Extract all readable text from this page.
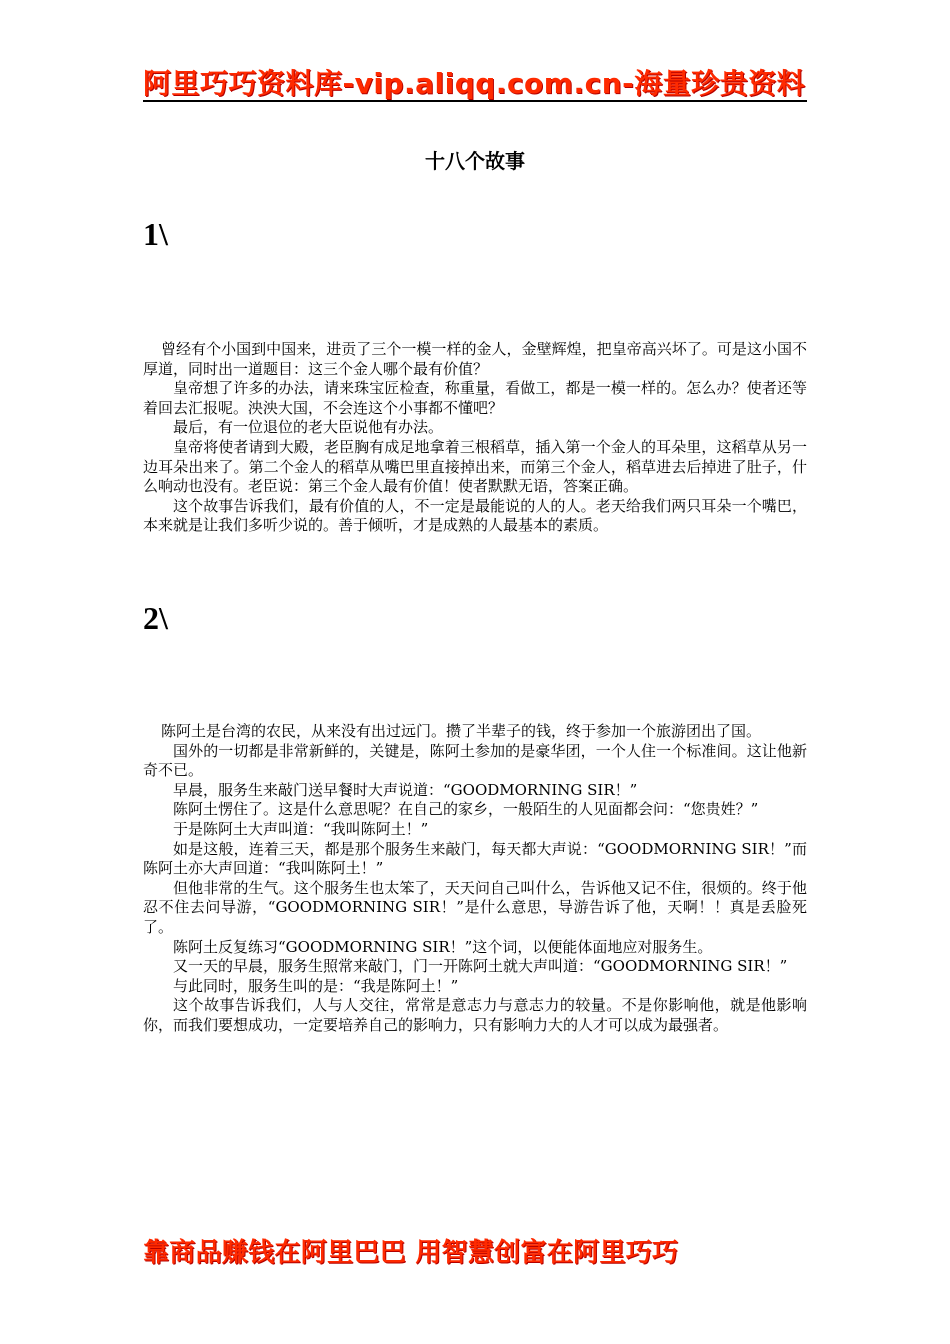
阿里巧巧资料库-vip.aliqq.com.cn-海量珍贵资料
十八个故事
1\

曾经有个小国到中国来，进贡了三个一模一样的金人，金壁辉煌，把皇帝高兴坏了。可是这小国不厚道，同时出一道题目：这三个金人哪个最有价值？

皇帝想了许多的办法，请来珠宝匠检查，称重量，看做工，都是一模一样的。怎么办？使者还等着回去汇报呢。泱泱大国，不会连这个小事都不懂吧？

最后，有一位退位的老大臣说他有办法。

皇帝将使者请到大殿，老臣胸有成足地拿着三根稻草，插入第一个金人的耳朵里，这稻草从另一边耳朵出来了。第二个金人的稻草从嘴巴里直接掉出来，而第三个金人，稻草进去后掉进了肚子，什么响动也没有。老臣说：第三个金人最有价值！使者默默无语，答案正确。

这个故事告诉我们，最有价值的人，不一定是最能说的人的人。老天给我们两只耳朵一个嘴巴，本来就是让我们多听少说的。善于倾听，才是成熟的人最基本的素质。

2\

陈阿土是台湾的农民，从来没有出过远门。攒了半辈子的钱，终于参加一个旅游团出了国。

国外的一切都是非常新鲜的，关键是，陈阿土参加的是豪华团，一个人住一个标准间。这让他新奇不已。

早晨，服务生来敲门送早餐时大声说道：“GOODMORNING SIR！”

陈阿土愣住了。这是什么意思呢？在自己的家乡，一般陌生的人见面都会问：“您贵姓？”

于是陈阿土大声叫道：“我叫陈阿土！”

如是这般，连着三天，都是那个服务生来敲门，每天都大声说：“GOODMORNING SIR！”而陈阿土亦大声回道：“我叫陈阿土！”

但他非常的生气。这个服务生也太笨了，天天问自己叫什么，告诉他又记不住，很烦的。终于他忍不住去问导游，“GOODMORNING SIR！”是什么意思，导游告诉了他，天啊！！真是丢脸死了。

陈阿土反复练习“GOODMORNING SIR！”这个词，以便能体面地应对服务生。

又一天的早晨，服务生照常来敲门，门一开陈阿土就大声叫道：“GOODMORNING SIR！”

与此同时，服务生叫的是：“我是陈阿土！”

这个故事告诉我们，人与人交往，常常是意志力与意志力的较量。不是你影响他，就是他影响你，而我们要想成功，一定要培养自己的影响力，只有影响力大的人才可以成为最强者。

靠商品赚钱在阿里巴巴 用智慧创富在阿里巧巧
